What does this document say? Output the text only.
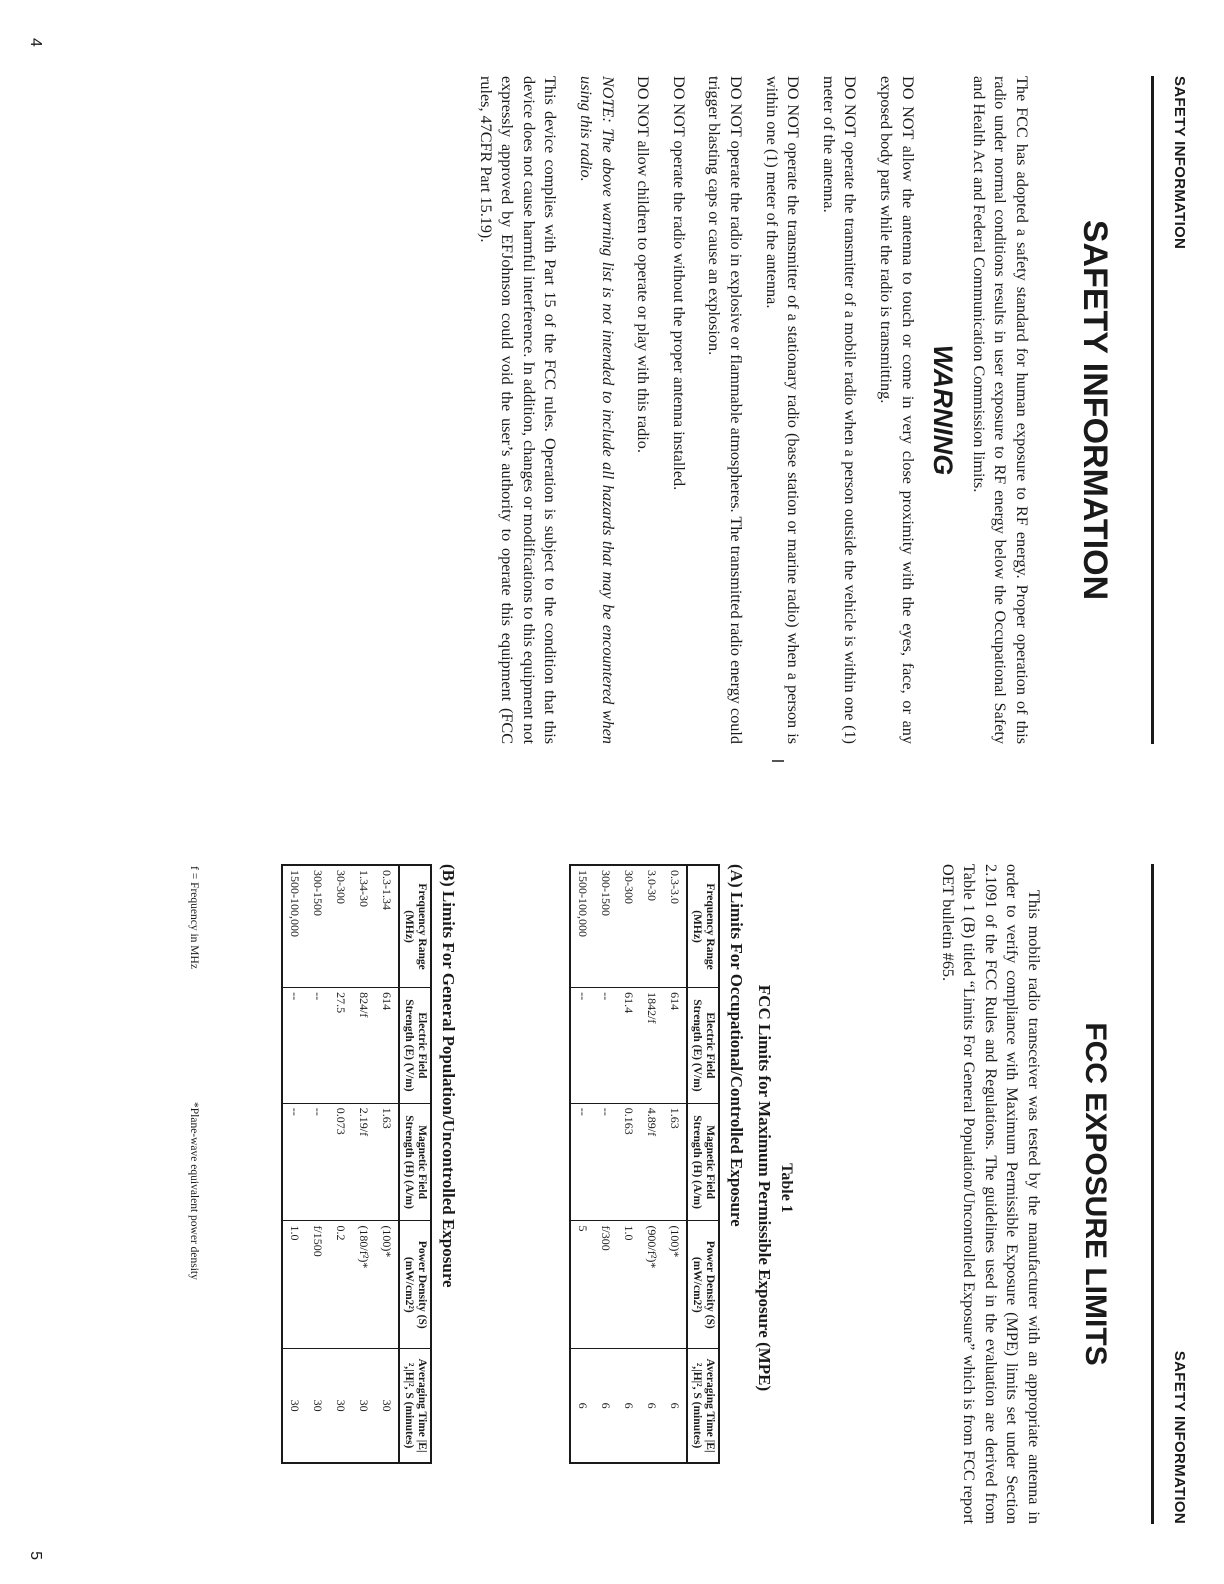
SAFETY INFORMATION
SAFETY INFORMATION

The FCC has adopted a safety standard for human exposure to RF energy. Proper operation of this radio under normal conditions results in user exposure to RF energy below the Occupational Safety and Health Act and Federal Communication Commission limits.

WARNING

DO NOT allow the antenna to touch or come in very close proximity with the eyes, face, or any exposed body parts while the radio is transmitting.

DO NOT operate the transmitter of a mobile radio when a person outside the vehicle is within one (1) meter of the antenna.

DO NOT operate the transmitter of a stationary radio (base station or marine radio) when a person is within one (1) meter of the antenna.

DO NOT operate the radio in explosive or flammable atmospheres. The transmitted radio energy could trigger blasting caps or cause an explosion.

DO NOT operate the radio without the proper antenna installed.

DO NOT allow children to operate or play with this radio.

NOTE: The above warning list is not intended to include all hazards that may be encountered when using this radio.

This device complies with Part 15 of the FCC rules. Operation is subject to the condition that this device does not cause harmful interference. In addition, changes or modifications to this equipment not expressly approved by EFJohnson could void the user’s authority to operate this equipment (FCC rules, 47CFR Part 15.19).

4
SAFETY INFORMATION
FCC EXPOSURE LIMITS

This mobile radio transceiver was tested by the manufacturer with an appropriate antenna in order to verify compliance with Maximum Permissible Exposure (MPE) limits set under Section 2.1091 of the FCC Rules and Regulations. The guidelines used in the evaluation are derived from Table 1 (B) titled “Limits For General Population/Uncontrolled Exposure” which is from FCC report OET bulletin #65.

Table 1
FCC Limits for Maximum Permissible Exposure (MPE)
(A) Limits For Occupational/Controlled Exposure
Frequency Range (MHz)	Electric Field Strength (E) (V/m)	Magnetic Field Strength (H) (A/m)	Power Density (S) (mW/cm2²)	Averaging Time |E|²,|H|², S (minutes)
0.3-3.0	614	1.63	(100)*	6
3.0-30	1842/f	4.89/f	(900/f²)*	6
30-300	61.4	0.163	1.0	6
300-1500	--	--	f/300	6
1500-100,000	--	--	5	6
(B) Limits For General Population/Uncontrolled Exposure
Frequency Range (MHz)	Electric Field Strength (E) (V/m)	Magnetic Field Strength (H) (A/m)	Power Density (S) (mW/cm2²)	Averaging Time |E|²,|H|², S (minutes)
0.3-1.34	614	1.63	(100)*	30
1.34-30	824/f	2.19/f	(180/f²)*	30
30-300	27.5	0.073	0.2	30
300-1500	--	--	f/1500	30
1500-100,000	--	--	1.0	30
f = Frequency in MHz
*Plane-wave equivalent power density
5
